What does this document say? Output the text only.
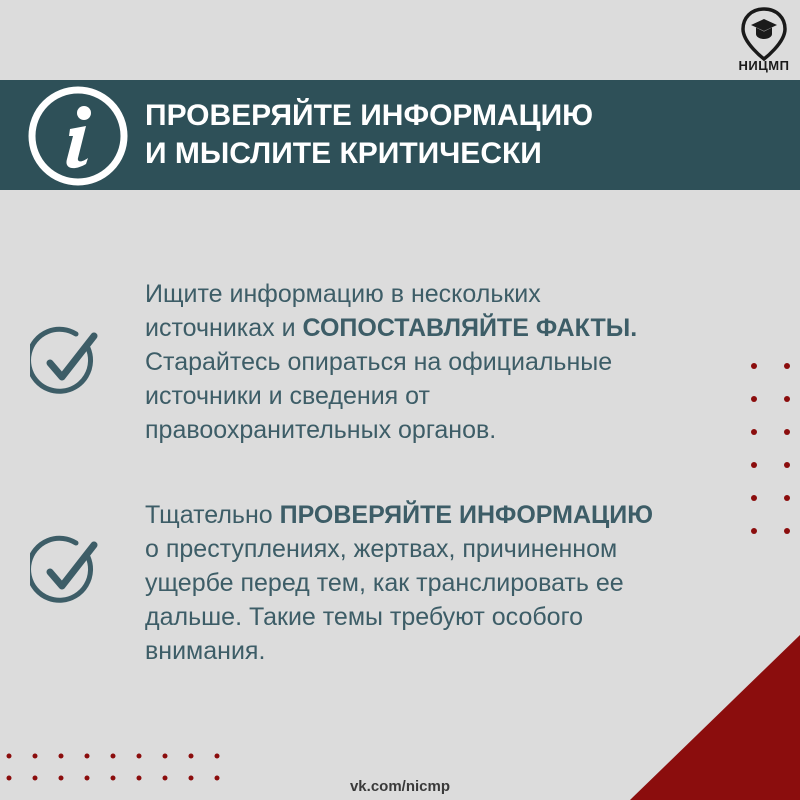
НИЦМП
ПРОВЕРЯЙТЕ ИНФОРМАЦИЮ
И МЫСЛИТЕ КРИТИЧЕСКИ

Ищите информацию в нескольких
источниках и СОПОСТАВЛЯЙТЕ ФАКТЫ.
Старайтесь опираться на официальные
источники и сведения от
правоохранительных органов.

Тщательно ПРОВЕРЯЙТЕ ИНФОРМАЦИЮ
о преступлениях, жертвах, причиненном
ущербе перед тем, как транслировать ее
дальше. Такие темы требуют особого
внимания.

vk.com/nicmp
